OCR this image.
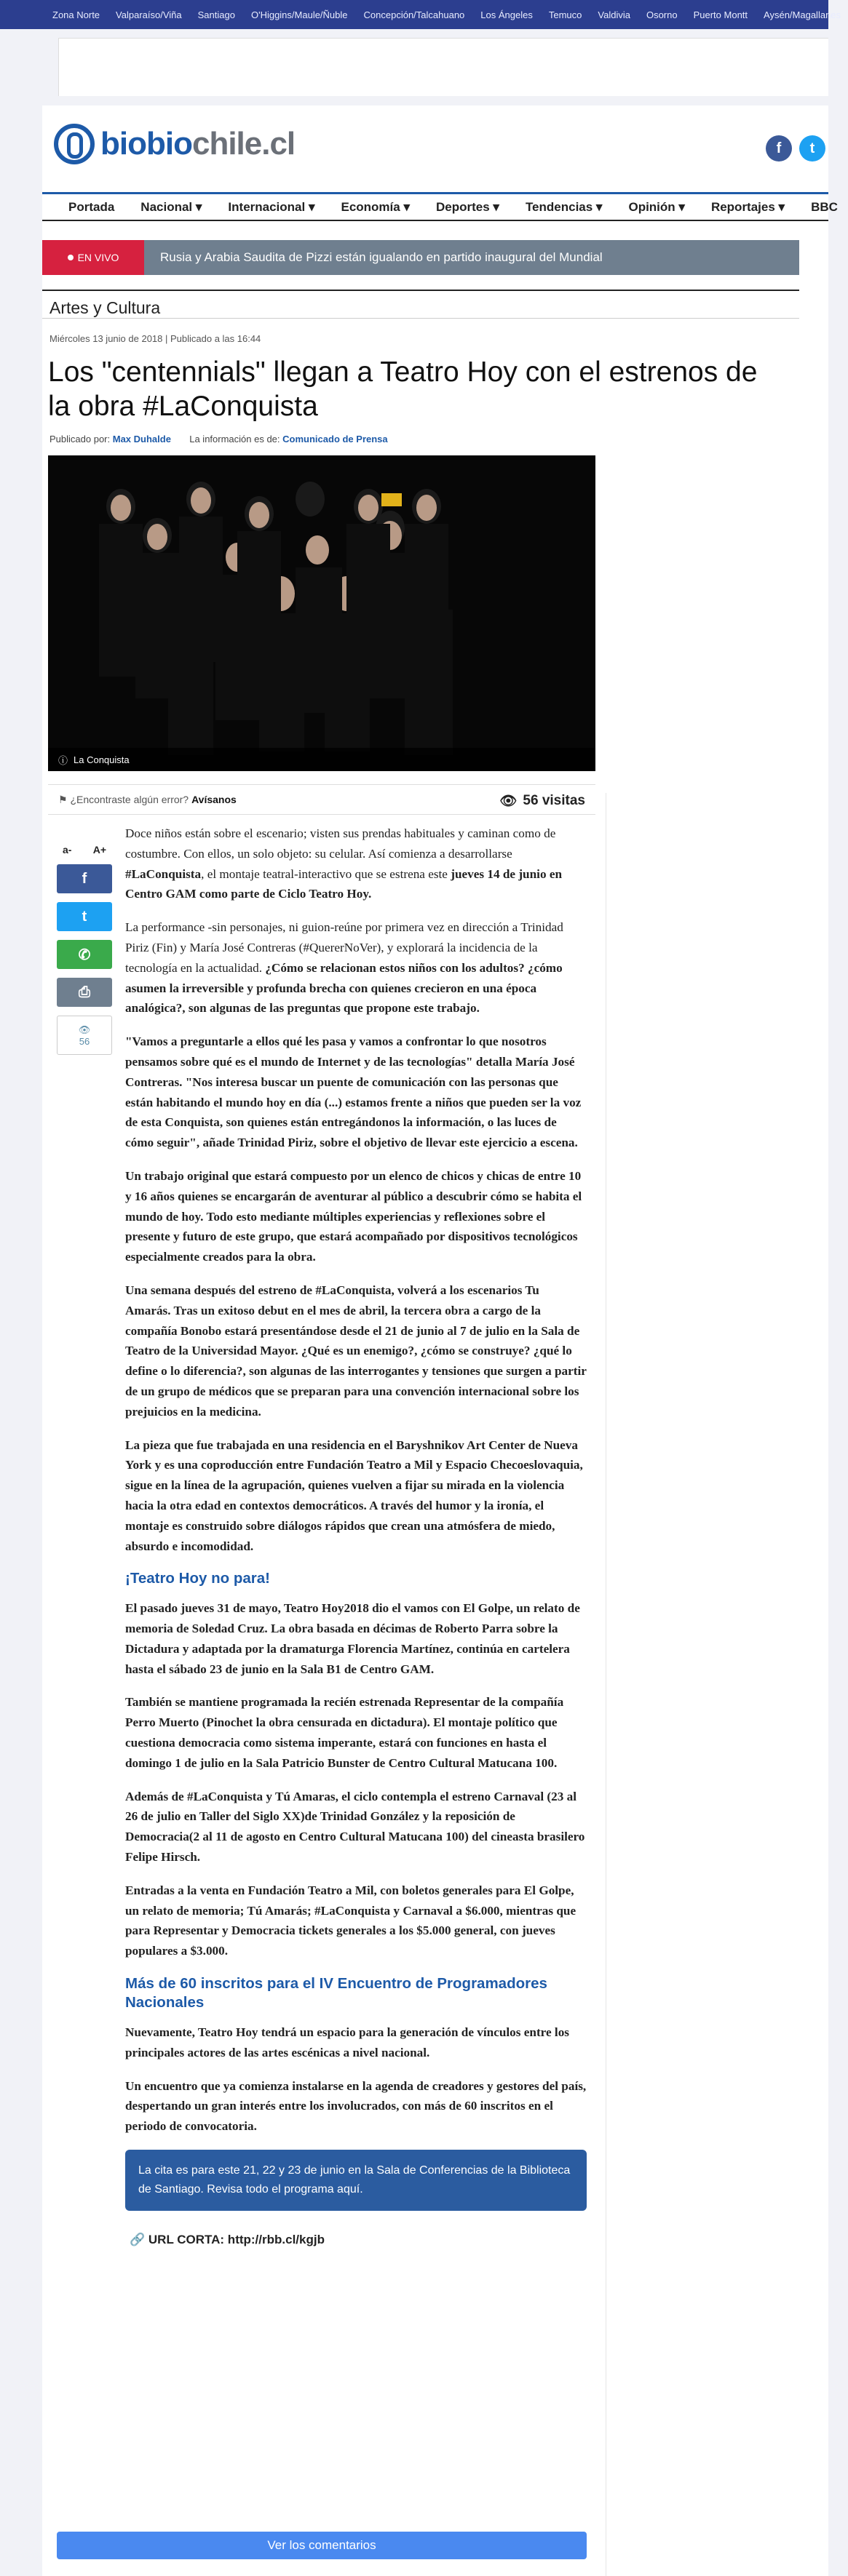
Zona Norte Valparaíso/Viña Santiago O'Higgins/Maule/Ñuble Concepción/Talcahuano Los Ángeles Temuco Valdivia Osorno Puerto Montt Aysén/Magallanes
biobiochile.cl	f	t
Portada	Nacional ▾	Internacional ▾	Economía ▾	Deportes ▾	Tendencias ▾	Opinión ▾	Reportajes ▾	BBC
EN VIVO	Rusia y Arabia Saudita de Pizzi están igualando en partido inaugural del Mundial
Artes y Cultura
Miércoles 13 junio de 2018 | Publicado a las 16:44
Los "centennials" llegan a Teatro Hoy con el estrenos de la obra #LaConquista
Publicado por: Max Duhalde La información es de: Comunicado de Prensa
ⓘ La Conquista
⚑ ¿Encontraste algún error? Avísanos	👁 56 visitas
a- A+
f
t
✆
⎙
👁
56

Doce niños están sobre el escenario; visten sus prendas habituales y caminan como de costumbre. Con ellos, un solo objeto: su celular. Así comienza a desarrollarse #LaConquista, el montaje teatral-interactivo que se estrena este jueves 14 de junio en Centro GAM como parte de Ciclo Teatro Hoy.

La performance -sin personajes, ni guion-reúne por primera vez en dirección a Trinidad Piriz (Fin) y María José Contreras (#QuererNoVer), y explorará la incidencia de la tecnología en la actualidad. ¿Cómo se relacionan estos niños con los adultos? ¿cómo asumen la irreversible y profunda brecha con quienes crecieron en una época analógica?, son algunas de las preguntas que propone este trabajo.

"Vamos a preguntarle a ellos qué les pasa y vamos a confrontar lo que nosotros pensamos sobre qué es el mundo de Internet y de las tecnologías" detalla María José Contreras. "Nos interesa buscar un puente de comunicación con las personas que están habitando el mundo hoy en día (...) estamos frente a niños que pueden ser la voz de esta Conquista, son quienes están entregándonos la información, o las luces de cómo seguir", añade Trinidad Piriz, sobre el objetivo de llevar este ejercicio a escena.

Un trabajo original que estará compuesto por un elenco de chicos y chicas de entre 10 y 16 años quienes se encargarán de aventurar al público a descubrir cómo se habita el mundo de hoy. Todo esto mediante múltiples experiencias y reflexiones sobre el presente y futuro de este grupo, que estará acompañado por dispositivos tecnológicos especialmente creados para la obra.

Una semana después del estreno de #LaConquista, volverá a los escenarios Tu Amarás. Tras un exitoso debut en el mes de abril, la tercera obra a cargo de la compañía Bonobo estará presentándose desde el 21 de junio al 7 de julio en la Sala de Teatro de la Universidad Mayor. ¿Qué es un enemigo?, ¿cómo se construye? ¿qué lo define o lo diferencia?, son algunas de las interrogantes y tensiones que surgen a partir de un grupo de médicos que se preparan para una convención internacional sobre los prejuicios en la medicina.

La pieza que fue trabajada en una residencia en el Baryshnikov Art Center de Nueva York y es una coproducción entre Fundación Teatro a Mil y Espacio Checoeslovaquia, sigue en la línea de la agrupación, quienes vuelven a fijar su mirada en la violencia hacia la otra edad en contextos democráticos. A través del humor y la ironía, el montaje es construido sobre diálogos rápidos que crean una atmósfera de miedo, absurdo e incomodidad.

¡Teatro Hoy no para!

El pasado jueves 31 de mayo, Teatro Hoy2018 dio el vamos con El Golpe, un relato de memoria de Soledad Cruz. La obra basada en décimas de Roberto Parra sobre la Dictadura y adaptada por la dramaturga Florencia Martínez, continúa en cartelera hasta el sábado 23 de junio en la Sala B1 de Centro GAM.

También se mantiene programada la recién estrenada Representar de la compañía Perro Muerto (Pinochet la obra censurada en dictadura). El montaje político que cuestiona democracia como sistema imperante, estará con funciones en hasta el domingo 1 de julio en la Sala Patricio Bunster de Centro Cultural Matucana 100.

Además de #LaConquista y Tú Amaras, el ciclo contempla el estreno Carnaval (23 al 26 de julio en Taller del Siglo XX)de Trinidad González y la reposición de Democracia(2 al 11 de agosto en Centro Cultural Matucana 100) del cineasta brasilero Felipe Hirsch.

Entradas a la venta en Fundación Teatro a Mil, con boletos generales para El Golpe, un relato de memoria; Tú Amarás; #LaConquista y Carnaval a $6.000, mientras que para Representar y Democracia tickets generales a los $5.000 general, con jueves populares a $3.000.

Más de 60 inscritos para el IV Encuentro de Programadores Nacionales

Nuevamente, Teatro Hoy tendrá un espacio para la generación de vínculos entre los principales actores de las artes escénicas a nivel nacional.

Un encuentro que ya comienza instalarse en la agenda de creadores y gestores del país, despertando un gran interés entre los involucrados, con más de 60 inscritos en el periodo de convocatoria.

La cita es para este 21, 22 y 23 de junio en la Sala de Conferencias de la Biblioteca de Santiago. Revisa todo el programa aquí.
🔗 URL CORTA: http://rbb.cl/kgjb
Ver los comentarios
